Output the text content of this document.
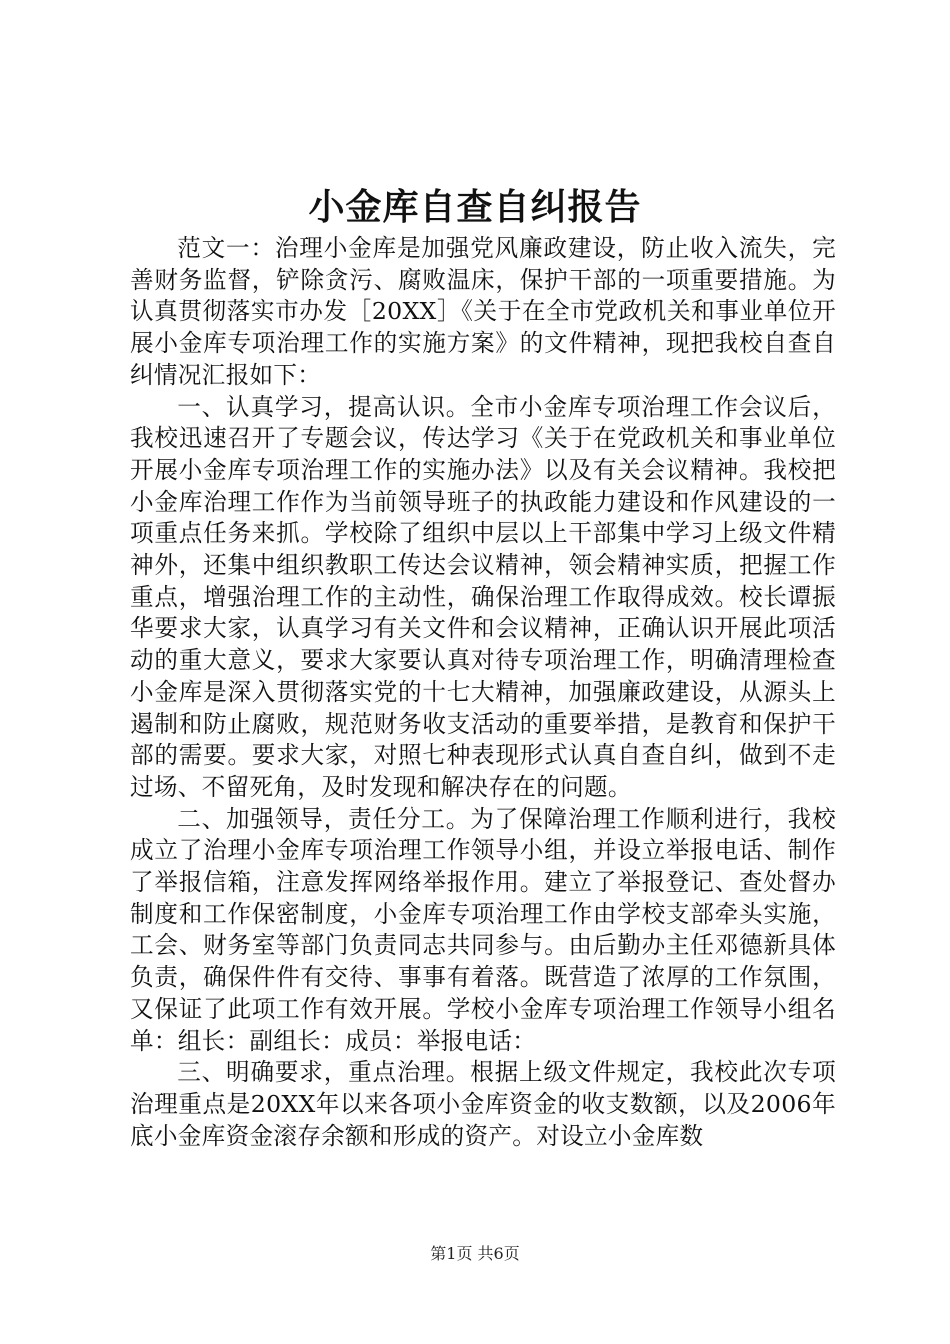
小金库自查自纠报告

范文一：治理小金库是加强党风廉政建设，防止收入流失，完善财务监督，铲除贪污、腐败温床，保护干部的一项重要措施。为认真贯彻落实市办发［20XX］《关于在全市党政机关和事业单位开展小金库专项治理工作的实施方案》的文件精神，现把我校自查自纠情况汇报如下：

一、认真学习，提高认识。全市小金库专项治理工作会议后，我校迅速召开了专题会议，传达学习《关于在党政机关和事业单位开展小金库专项治理工作的实施办法》以及有关会议精神。我校把小金库治理工作作为当前领导班子的执政能力建设和作风建设的一项重点任务来抓。学校除了组织中层以上干部集中学习上级文件精神外，还集中组织教职工传达会议精神，领会精神实质，把握工作重点，增强治理工作的主动性，确保治理工作取得成效。校长谭振华要求大家，认真学习有关文件和会议精神，正确认识开展此项活动的重大意义，要求大家要认真对待专项治理工作，明确清理检查小金库是深入贯彻落实党的十七大精神，加强廉政建设，从源头上遏制和防止腐败，规范财务收支活动的重要举措，是教育和保护干部的需要。要求大家，对照七种表现形式认真自查自纠，做到不走过场、不留死角，及时发现和解决存在的问题。

二、加强领导，责任分工。为了保障治理工作顺利进行，我校成立了治理小金库专项治理工作领导小组，并设立举报电话、制作了举报信箱，注意发挥网络举报作用。建立了举报登记、查处督办制度和工作保密制度，小金库专项治理工作由学校支部牵头实施，工会、财务室等部门负责同志共同参与。由后勤办主任邓德新具体负责，确保件件有交待、事事有着落。既营造了浓厚的工作氛围，又保证了此项工作有效开展。学校小金库专项治理工作领导小组名单：组长：副组长：成员：举报电话：

三、明确要求，重点治理。根据上级文件规定，我校此次专项治理重点是20XX年以来各项小金库资金的收支数额，以及2006年底小金库资金滚存余额和形成的资产。对设立小金库数

第1页 共6页
